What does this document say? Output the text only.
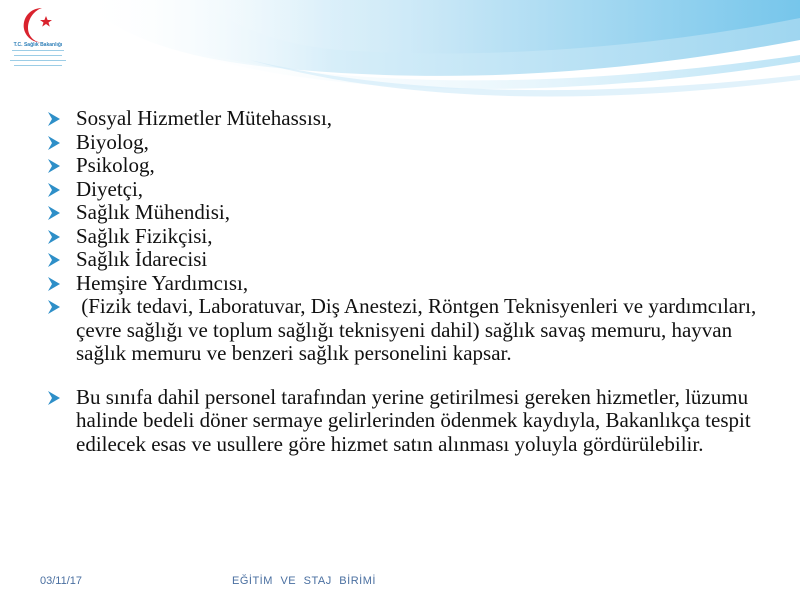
T.C. Sağlık Bakanlığı
Sosyal Hizmetler Mütehassısı,
Biyolog,
Psikolog,
Diyetçi,
Sağlık Mühendisi,
Sağlık Fizikçisi,
Sağlık İdarecisi
Hemşire Yardımcısı,
(Fizik tedavi, Laboratuvar, Diş Anestezi, Röntgen Teknisyenleri ve yardımcıları, çevre sağlığı ve toplum sağlığı teknisyeni dahil) sağlık savaş memuru, hayvan sağlık memuru ve benzeri sağlık personelini kapsar.
Bu sınıfa dahil personel tarafından yerine getirilmesi gereken hizmetler, lüzumu halinde bedeli döner sermaye gelirlerinden ödenmek kaydıyla, Bakanlıkça tespit edilecek esas ve usullere göre hizmet satın alınması yoluyla gördürülebilir.
03/11/17	EĞİTİM VE STAJ BİRİMİ
